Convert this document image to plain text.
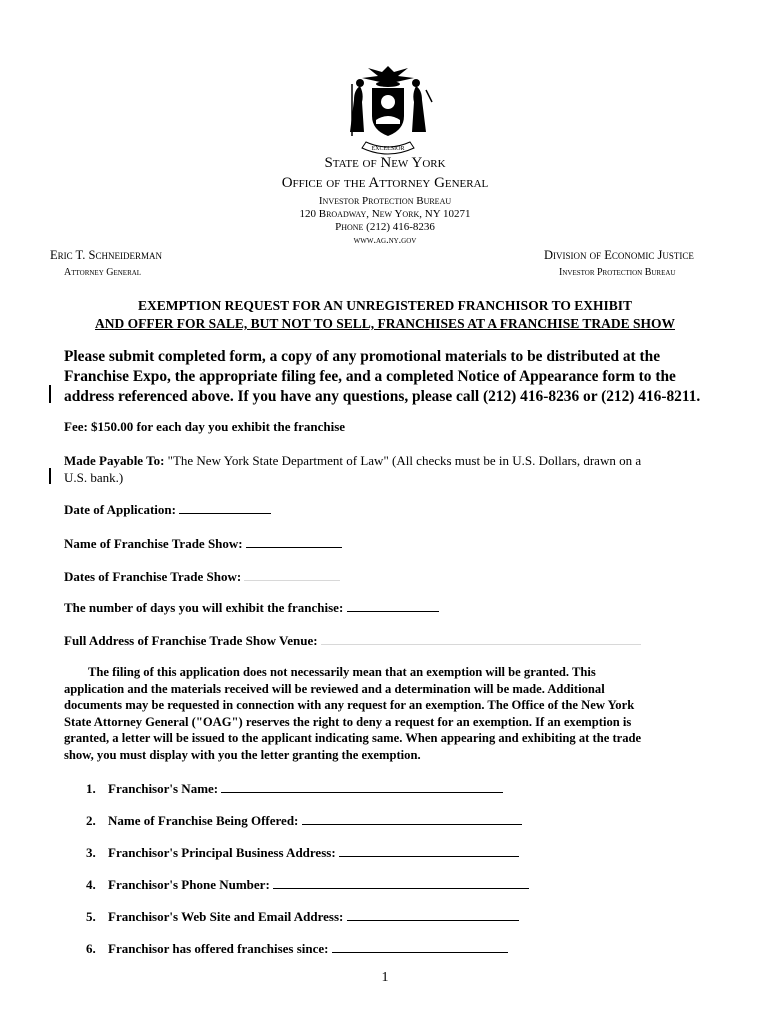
EXCELSIOR
State of New York
Office of the Attorney General
Investor Protection Bureau
120 Broadway, New York, NY 10271
Phone (212) 416-8236
www.ag.ny.gov
Eric T. Schneiderman
Attorney General
Division of Economic Justice
Investor Protection Bureau
EXEMPTION REQUEST FOR AN UNREGISTERED FRANCHISOR TO EXHIBIT
AND OFFER FOR SALE, BUT NOT TO SELL, FRANCHISES AT A FRANCHISE TRADE SHOW
Please submit completed form, a copy of any promotional materials to be distributed at the
Franchise Expo, the appropriate filing fee, and a completed Notice of Appearance form to the
address referenced above. If you have any questions, please call (212) 416-8236 or (212) 416-8211.
Fee: $150.00 for each day you exhibit the franchise
Made Payable To: "The New York State Department of Law" (All checks must be in U.S. Dollars, drawn on a
U.S. bank.)
Date of Application:
Name of Franchise Trade Show:
Dates of Franchise Trade Show:
The number of days you will exhibit the franchise:
Full Address of Franchise Trade Show Venue:
The filing of this application does not necessarily mean that an exemption will be granted. This
application and the materials received will be reviewed and a determination will be made. Additional
documents may be requested in connection with any request for an exemption. The Office of the New York
State Attorney General ("OAG") reserves the right to deny a request for an exemption. If an exemption is
granted, a letter will be issued to the applicant indicating same. When appearing and exhibiting at the trade
show, you must display with you the letter granting the exemption.
1. Franchisor's Name:
2. Name of Franchise Being Offered:
3. Franchisor's Principal Business Address:
4. Franchisor's Phone Number:
5. Franchisor's Web Site and Email Address:
6. Franchisor has offered franchises since:
1
